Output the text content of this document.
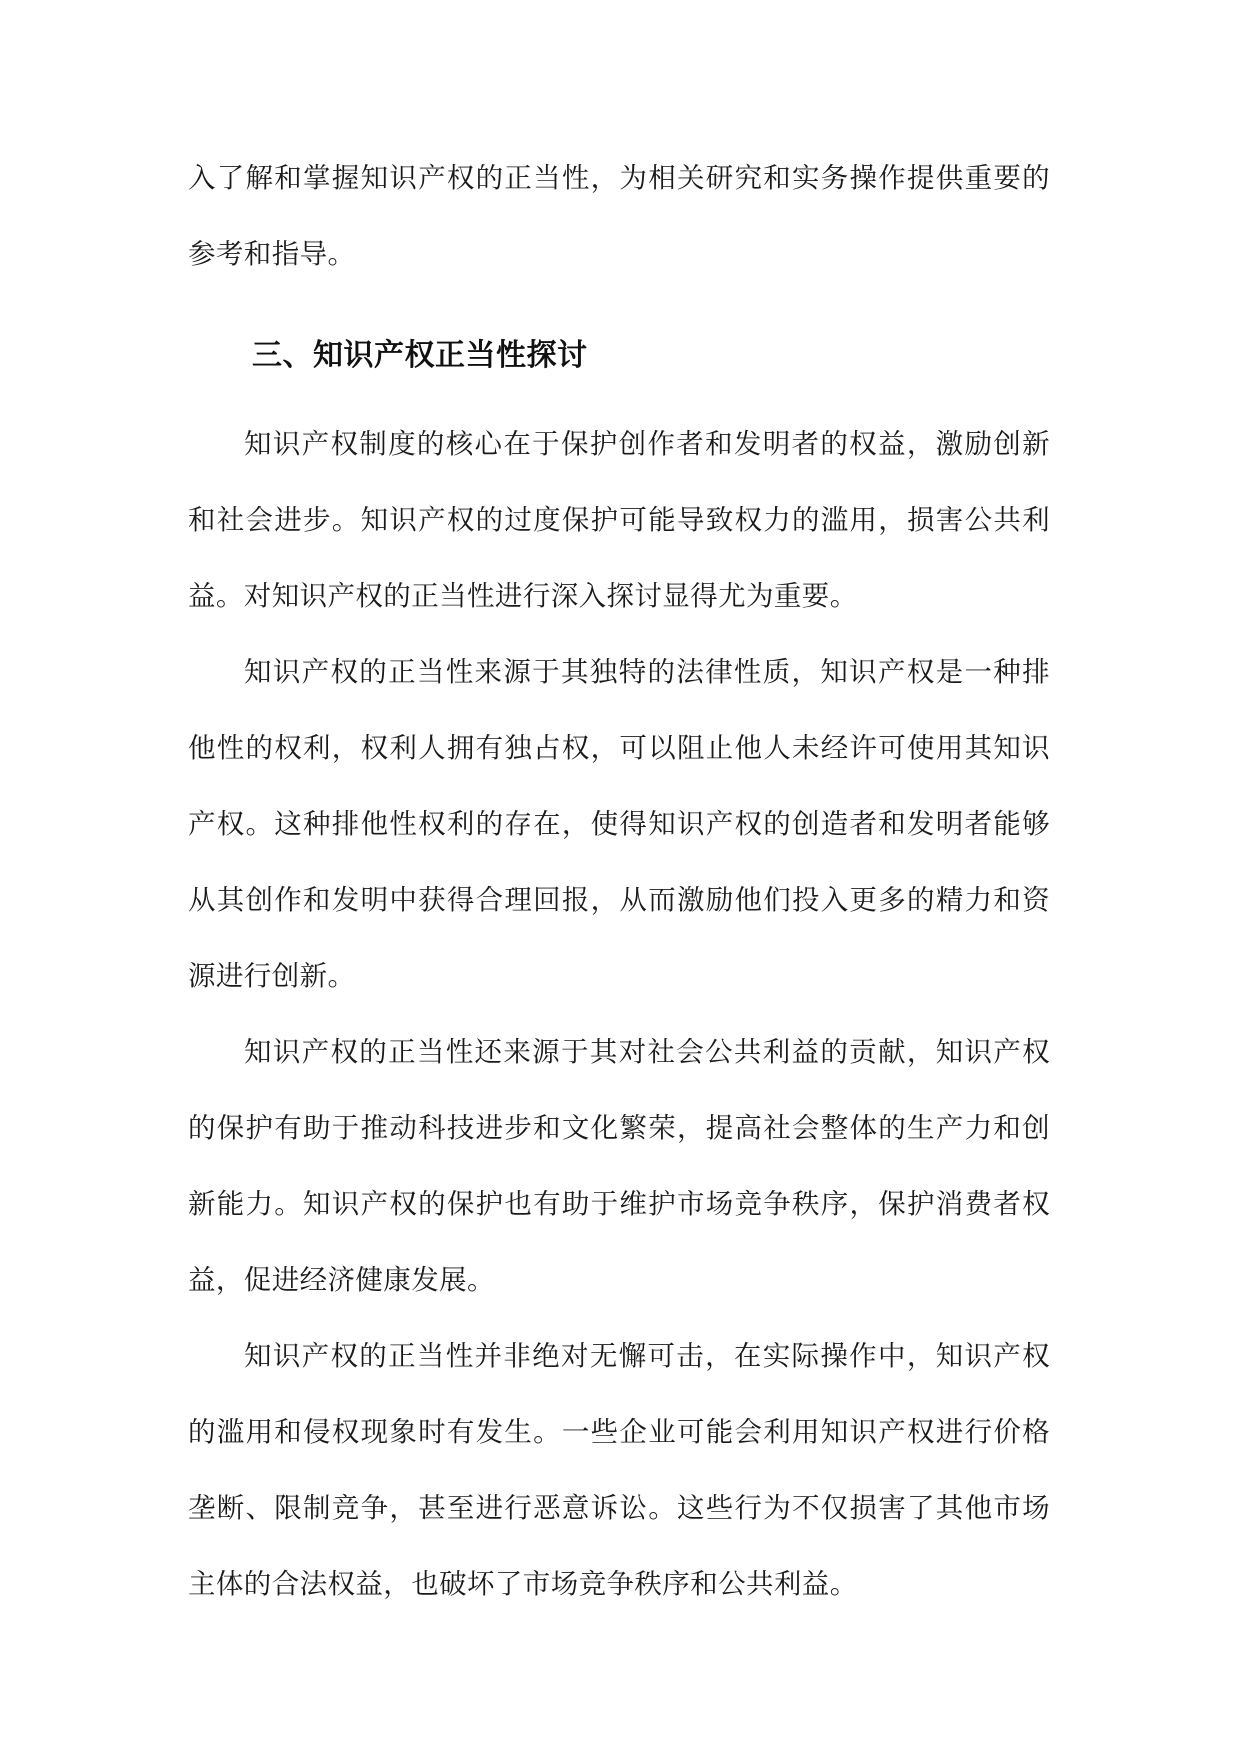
入了解和掌握知识产权的正当性，为相关研究和实务操作提供重要的参考和指导。

三、知识产权正当性探讨

知识产权制度的核心在于保护创作者和发明者的权益，激励创新和社会进步。知识产权的过度保护可能导致权力的滥用，损害公共利益。对知识产权的正当性进行深入探讨显得尤为重要。

知识产权的正当性来源于其独特的法律性质，知识产权是一种排他性的权利，权利人拥有独占权，可以阻止他人未经许可使用其知识产权。这种排他性权利的存在，使得知识产权的创造者和发明者能够从其创作和发明中获得合理回报，从而激励他们投入更多的精力和资源进行创新。

知识产权的正当性还来源于其对社会公共利益的贡献，知识产权的保护有助于推动科技进步和文化繁荣，提高社会整体的生产力和创新能力。知识产权的保护也有助于维护市场竞争秩序，保护消费者权益，促进经济健康发展。

知识产权的正当性并非绝对无懈可击，在实际操作中，知识产权的滥用和侵权现象时有发生。一些企业可能会利用知识产权进行价格垄断、限制竞争，甚至进行恶意诉讼。这些行为不仅损害了其他市场主体的合法权益，也破坏了市场竞争秩序和公共利益。
